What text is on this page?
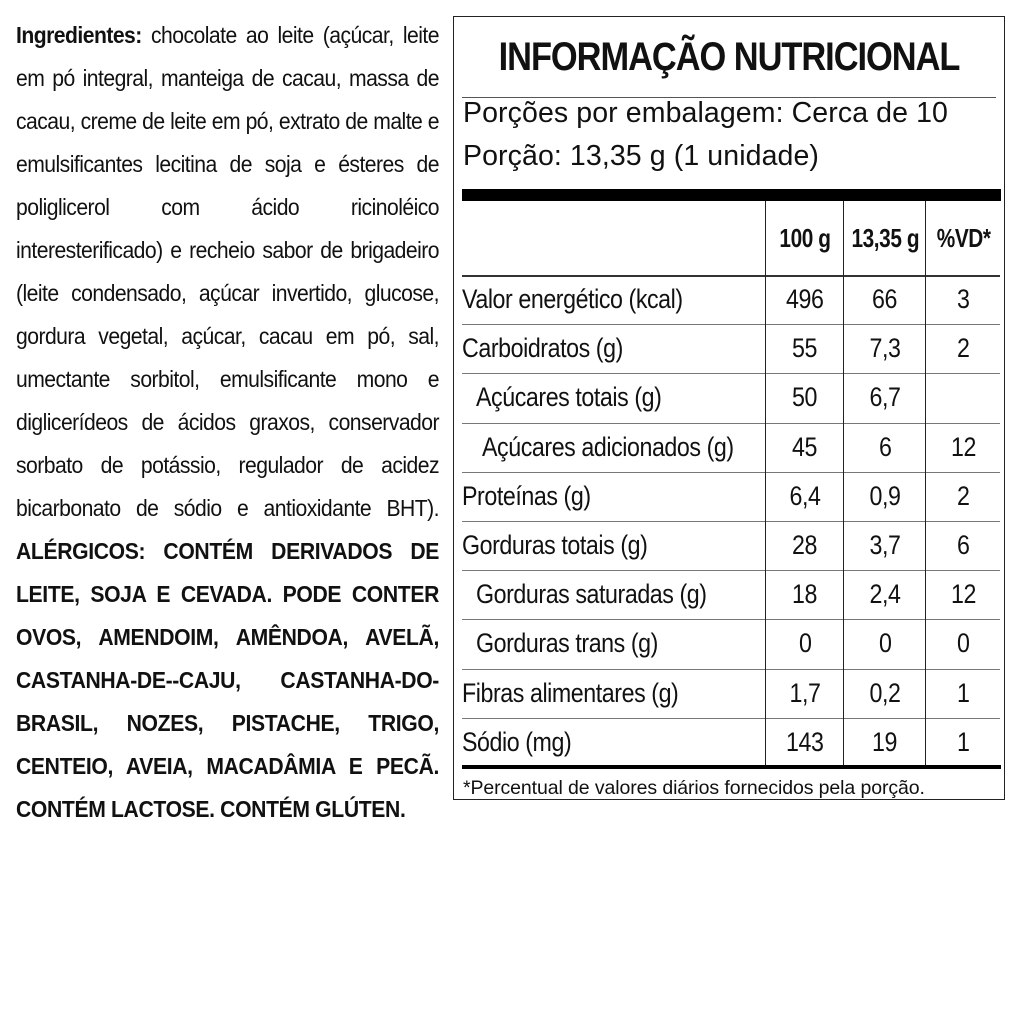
Ingredientes: chocolate ao leite (açúcar, leite em pó integral, manteiga de cacau, massa de cacau, creme de leite em pó, extrato de malte e emulsificantes lecitina de soja e ésteres de poliglicerol com ácido ricinoléico interesterificado) e recheio sabor de brigadeiro (leite condensado, açúcar invertido, glucose, gordura vegetal, açúcar, cacau em pó, sal, umectante sorbitol, emulsificante mono e diglicerídeos de ácidos graxos, conservador sorbato de potássio, regulador de acidez bicarbonato de sódio e antioxidante BHT). ALÉRGICOS: CONTÉM DERIVADOS DE LEITE, SOJA E CEVADA. PODE CONTER OVOS, AMENDOIM, AMÊNDOA, AVELÃ, CASTANHA-DE--CAJU, CASTANHA-DO-BRASIL, NOZES, PISTACHE, TRIGO, CENTEIO, AVEIA, MACADÂMIA E PECÃ. CONTÉM LACTOSE. CONTÉM GLÚTEN.
INFORMAÇÃO NUTRICIONAL
Porções por embalagem: Cerca de 10
Porção: 13,35 g (1 unidade)
100 g 13,35 g %VD*
Valor energético (kcal)	496 66 3
Carboidratos (g)	55 7,3 2
Açúcares totais (g)	50 6,7
Açúcares adicionados (g) 45 6 12
Proteínas (g)	6,4 0,9 2
Gorduras totais (g)	28 3,7 6
Gorduras saturadas (g)	18 2,4 12
Gorduras trans (g)	0	0 0
Fibras alimentares (g)	1,7 0,2 1
Sódio (mg)	143 19 1
*Percentual de valores diários fornecidos pela porção.
